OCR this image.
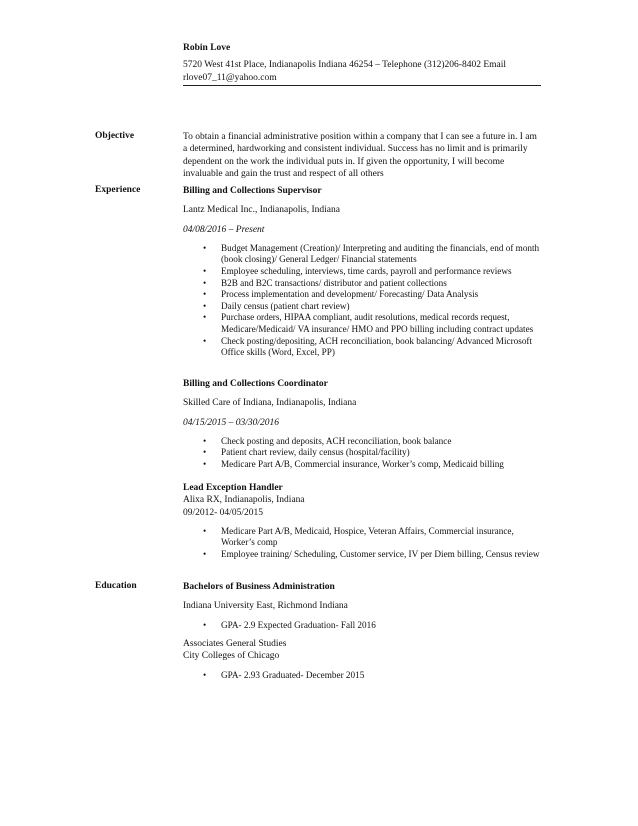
Robin Love
5720 West 41st Place, Indianapolis Indiana 46254 – Telephone (312)206-8402 Email rlove07_11@yahoo.com
Objective	To obtain a financial administrative position within a company that I can see a future in. I am a determined, hardworking and consistent individual. Success has no limit and is primarily dependent on the work the individual puts in. If given the opportunity, I will become invaluable and gain the trust and respect of all others
Experience	Billing and Collections Supervisor
Lantz Medical Inc., Indianapolis, Indiana
04/08/2016 – Present
• Budget Management (Creation)/ Interpreting and auditing the financials, end of month (book closing)/ General Ledger/ Financial statements
• Employee scheduling, interviews, time cards, payroll and performance reviews
• B2B and B2C transactions/ distributor and patient collections
• Process implementation and development/ Forecasting/ Data Analysis
• Daily census (patient chart review)
• Purchase orders, HIPAA compliant, audit resolutions, medical records request, Medicare/Medicaid/ VA insurance/ HMO and PPO billing including contract updates
• Check posting/depositing, ACH reconciliation, book balancing/ Advanced Microsoft Office skills (Word, Excel, PP)
Billing and Collections Coordinator
Skilled Care of Indiana, Indianapolis, Indiana
04/15/2015 – 03/30/2016
• Check posting and deposits, ACH reconciliation, book balance
• Patient chart review, daily census (hospital/facility)
• Medicare Part A/B, Commercial insurance, Worker’s comp, Medicaid billing
Lead Exception Handler
Alixa RX, Indianapolis, Indiana
09/2012- 04/05/2015
• Medicare Part A/B, Medicaid, Hospice, Veteran Affairs, Commercial insurance, Worker’s comp
• Employee training/ Scheduling, Customer service, IV per Diem billing, Census review
Education	Bachelors of Business Administration
Indiana University East, Richmond Indiana
• GPA- 2.9 Expected Graduation- Fall 2016
Associates General Studies
City Colleges of Chicago
• GPA- 2.93 Graduated- December 2015
